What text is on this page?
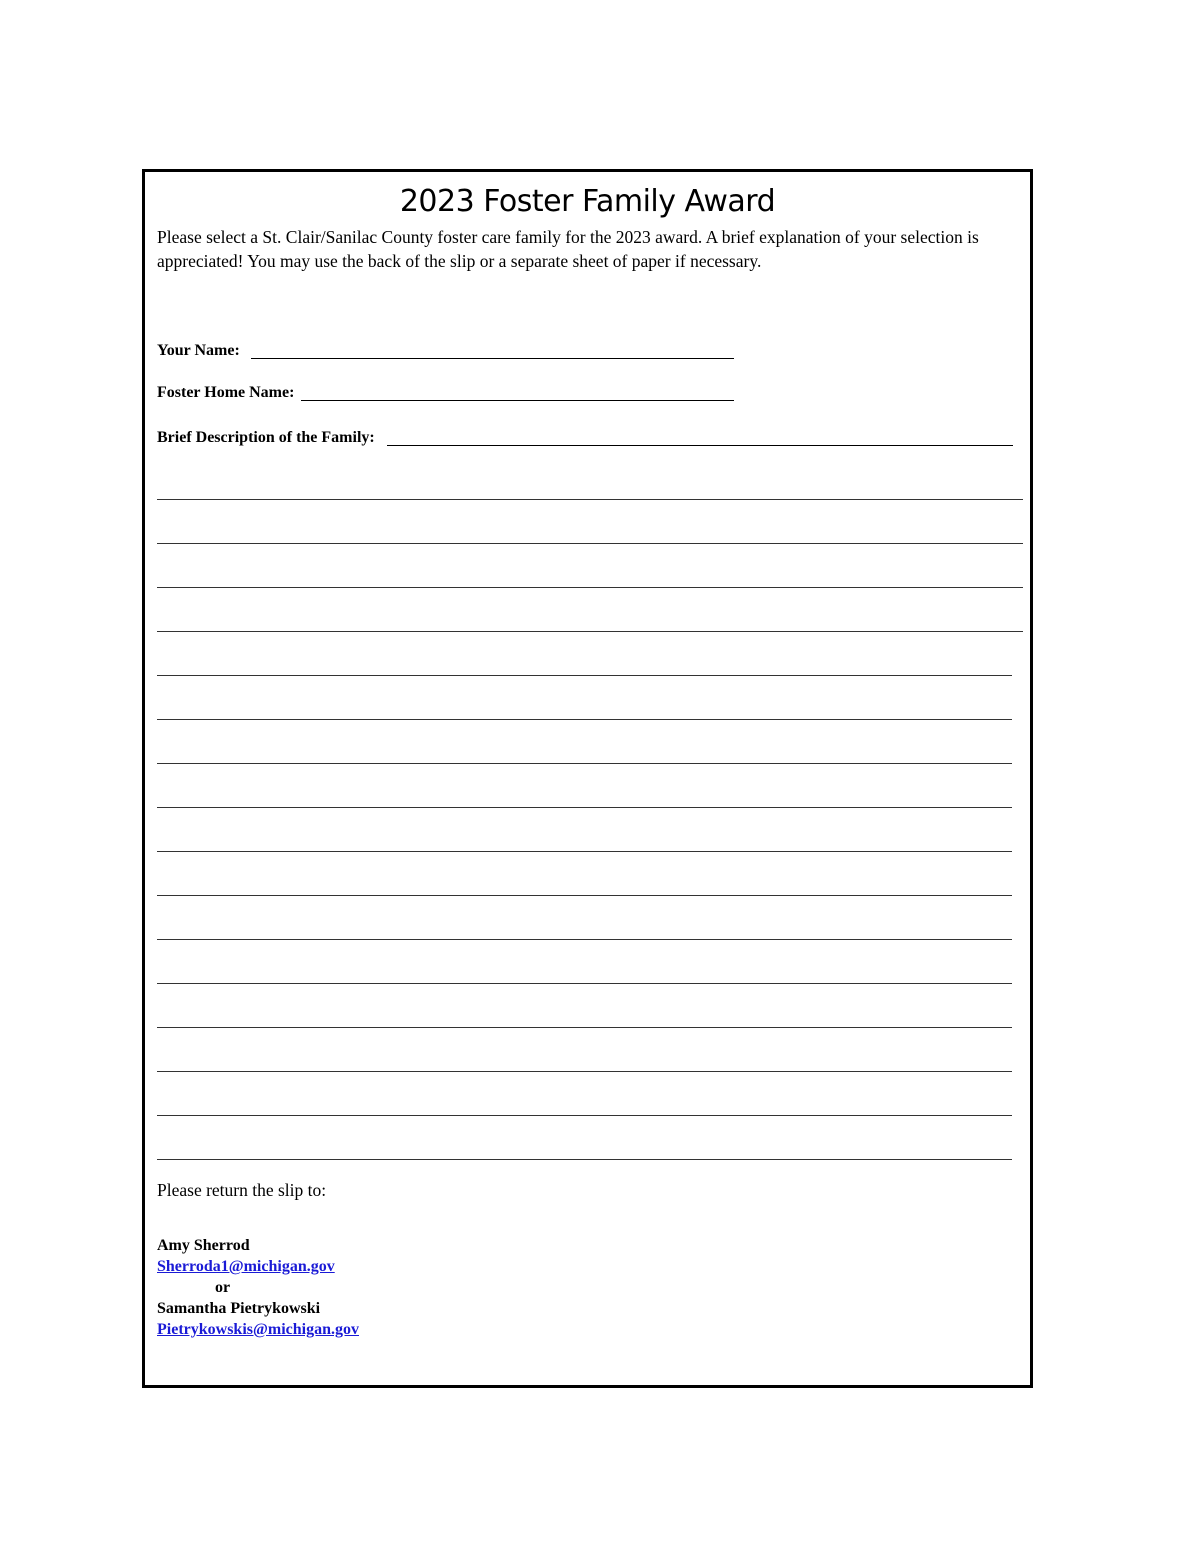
2023 Foster Family Award
Please select a St. Clair/Sanilac County foster care family for the 2023 award. A brief explanation of your selection is appreciated! You may use the back of the slip or a separate sheet of paper if necessary.
Your Name:
Foster Home Name:
Brief Description of the Family:
Please return the slip to:
Amy Sherrod
Sherroda1@michigan.gov
or
Samantha Pietrykowski
Pietrykowskis@michigan.gov
